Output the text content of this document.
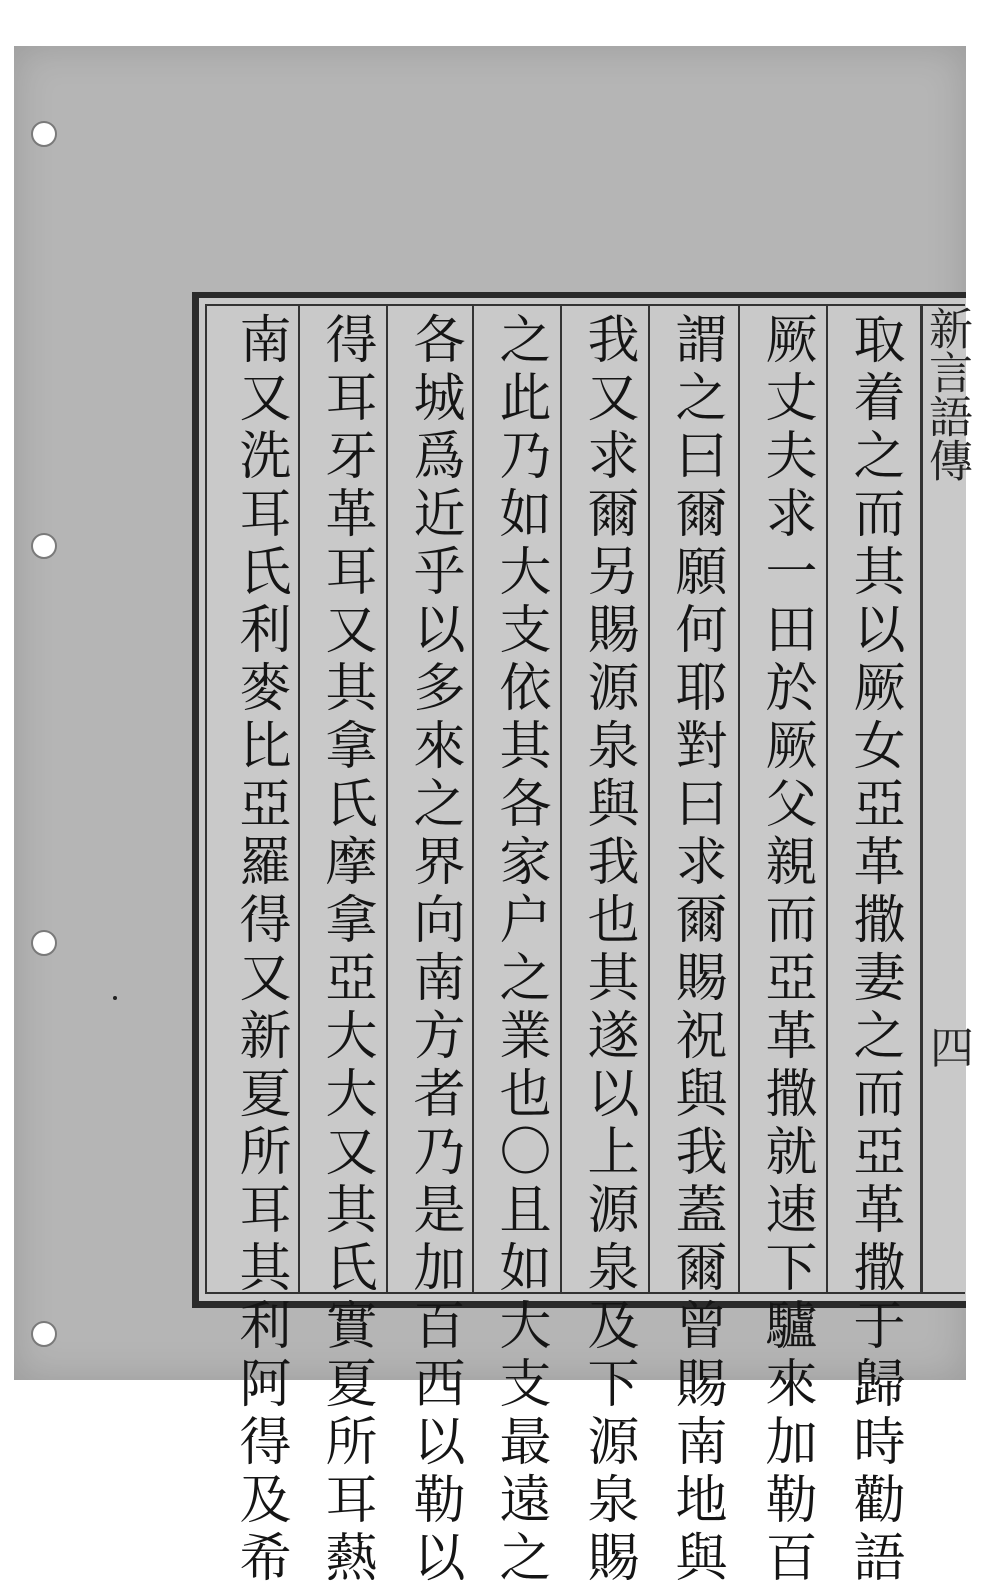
新言語傳
四
取着之而其以厥女亞革撒妻之而亞革撒于歸時勸語
厥丈夫求一田於厥父親而亞革撒就速下驢來加勒百
謂之曰爾願何耶對曰求爾賜祝與我蓋爾曾賜南地與
我又求爾另賜源泉與我也其遂以上源泉及下源泉賜
之此乃如大支依其各家户之業也〇且如大支最遠之
各城爲近乎以多來之界向南方者乃是加百西以勒以
得耳牙革耳又其拿氏摩拿亞大大又其氏實夏所耳爇
南又洗耳氏利麥比亞羅得又新夏所耳其利阿得及希
